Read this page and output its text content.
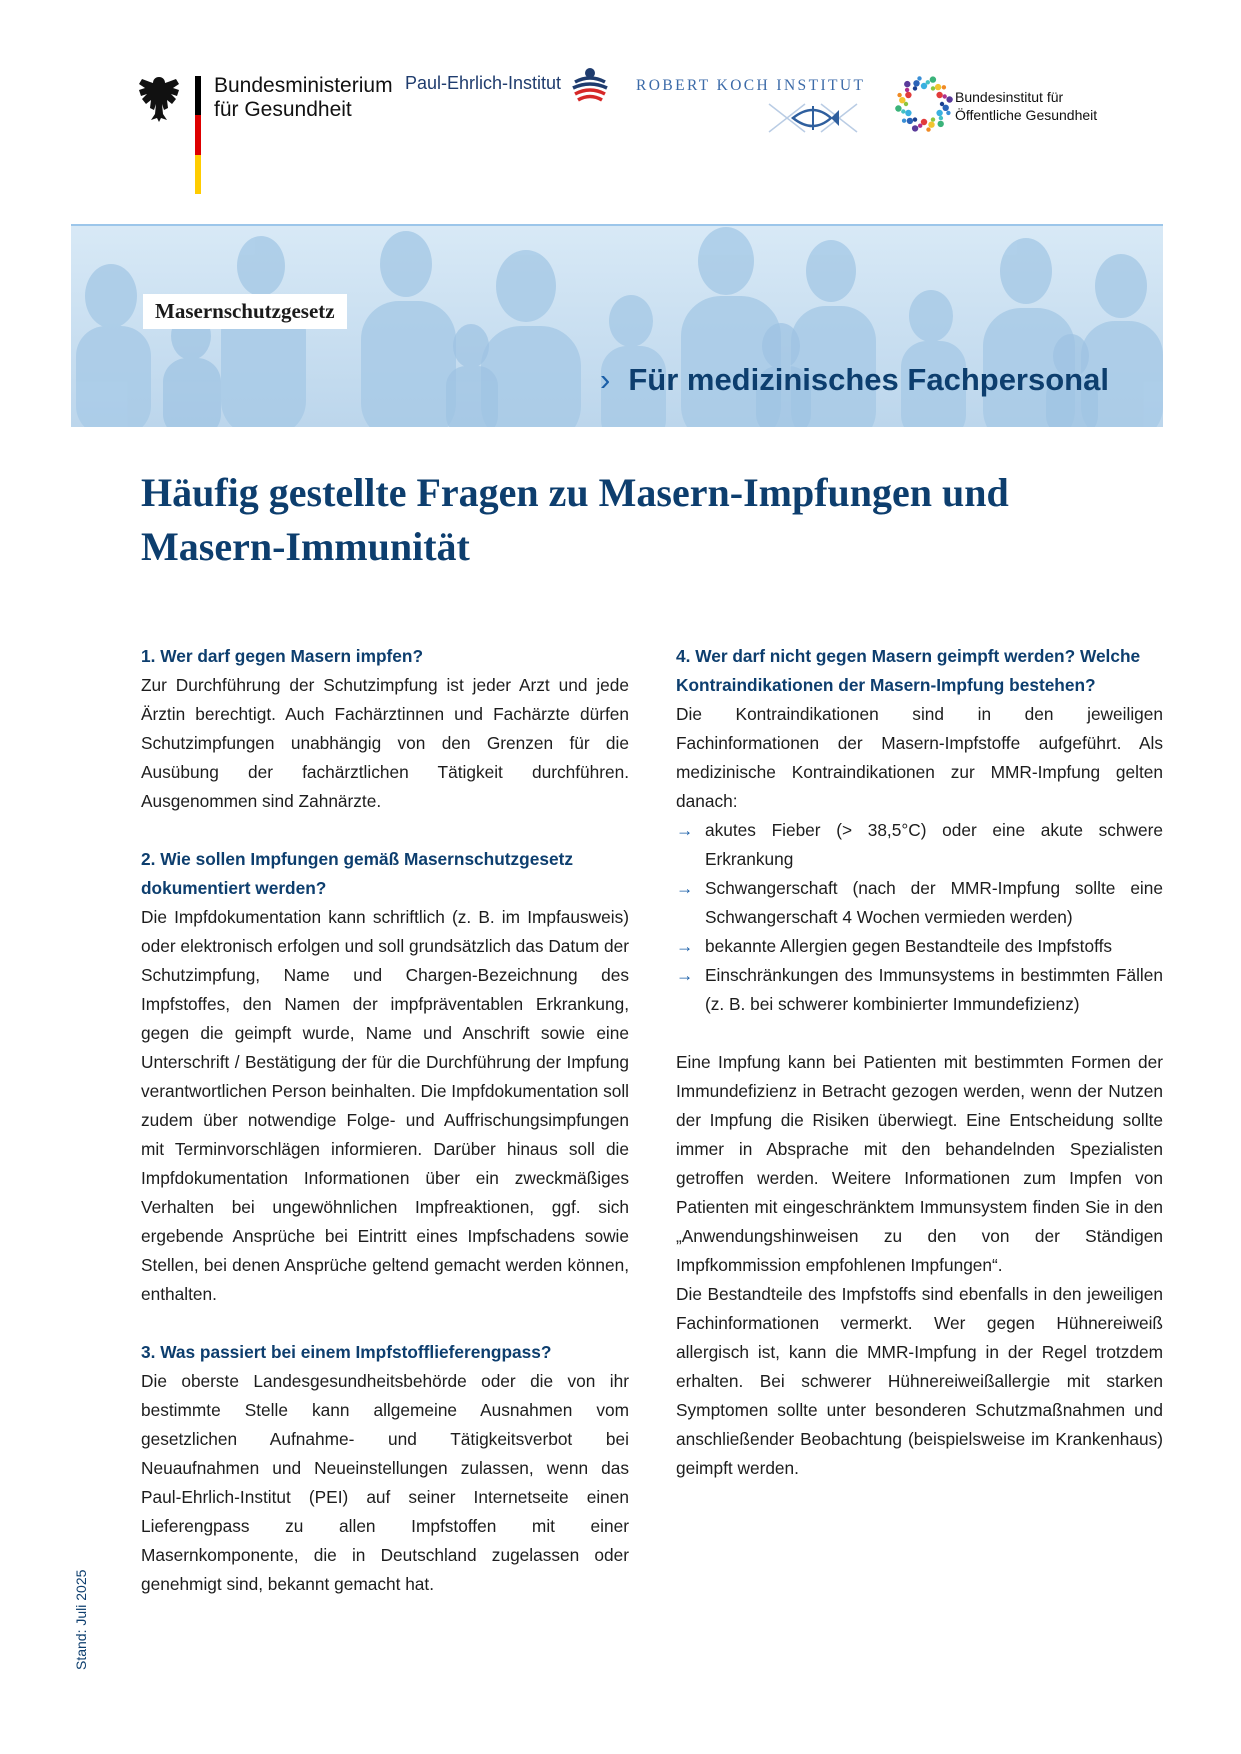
Bundesministerium
für Gesundheit
Paul-Ehrlich-Institut	ROBERT KOCH INSTITUT
Bundesinstitut für
Öffentliche Gesundheit
Masernschutzgesetz
› Für medizinisches Fachpersonal
Häufig gestellte Fragen zu Masern-Impfungen und Masern-Immunität

1. Wer darf gegen Masern impfen?

Zur Durchführung der Schutzimpfung ist jeder Arzt und jede Ärztin berechtigt. Auch Fachärztinnen und Fachärzte dürfen Schutzimpfungen unabhängig von den Grenzen für die Ausübung der fachärztlichen Tätigkeit durchführen. Ausgenommen sind Zahnärzte.

2. Wie sollen Impfungen gemäß Masernschutzgesetz dokumentiert werden?

Die Impfdokumentation kann schriftlich (z. B. im Impfausweis) oder elektronisch erfolgen und soll grundsätzlich das Datum der Schutzimpfung, Name und Chargen-Bezeichnung des Impfstoffes, den Namen der impfpräventablen Erkrankung, gegen die geimpft wurde, Name und Anschrift sowie eine Unterschrift / Bestätigung der für die Durchführung der Impfung verantwortlichen Person beinhalten. Die Impfdokumentation soll zudem über notwendige Folge- und Auffrischungsimpfungen mit Terminvorschlägen informieren. Darüber hinaus soll die Impfdokumentation Informationen über ein zweckmäßiges Verhalten bei ungewöhnlichen Impfreaktionen, ggf. sich ergebende Ansprüche bei Eintritt eines Impfschadens sowie Stellen, bei denen Ansprüche geltend gemacht werden können, enthalten.

3. Was passiert bei einem Impfstofflieferengpass?

Die oberste Landesgesundheitsbehörde oder die von ihr bestimmte Stelle kann allgemeine Ausnahmen vom gesetzlichen Aufnahme- und Tätigkeitsverbot bei Neuaufnahmen und Neueinstellungen zulassen, wenn das Paul-Ehrlich-Institut (PEI) auf seiner Internetseite einen Lieferengpass zu allen Impfstoffen mit einer Masernkomponente, die in Deutschland zugelassen oder genehmigt sind, bekannt gemacht hat.

4. Wer darf nicht gegen Masern geimpft werden? Welche Kontraindikationen der Masern-Impfung bestehen?

Die Kontraindikationen sind in den jeweiligen Fachinformationen der Masern-Impfstoffe aufgeführt. Als medizinische Kontraindikationen zur MMR-Impfung gelten danach:

→ akutes Fieber (> 38,5°C) oder eine akute schwere Erkrankung
→ Schwangerschaft (nach der MMR-Impfung sollte eine Schwangerschaft 4 Wochen vermieden werden)
→ bekannte Allergien gegen Bestandteile des Impfstoffs
→ Einschränkungen des Immunsystems in bestimmten Fällen (z. B. bei schwerer kombinierter Immundefizienz)

Eine Impfung kann bei Patienten mit bestimmten Formen der Immundefizienz in Betracht gezogen werden, wenn der Nutzen der Impfung die Risiken überwiegt. Eine Entscheidung sollte immer in Absprache mit den behandelnden Spezialisten getroffen werden. Weitere Informationen zum Impfen von Patienten mit eingeschränktem Immunsystem finden Sie in den „Anwendungshinweisen zu den von der Ständigen Impfkommission empfohlenen Impfungen“.

Die Bestandteile des Impfstoffs sind ebenfalls in den jeweiligen Fachinformationen vermerkt. Wer gegen Hühnereiweiß allergisch ist, kann die MMR-Impfung in der Regel trotzdem erhalten. Bei schwerer Hühnereiweißallergie mit starken Symptomen sollte unter besonderen Schutzmaßnahmen und anschließender Beobachtung (beispielsweise im Krankenhaus) geimpft werden.

Stand: Juli 2025
